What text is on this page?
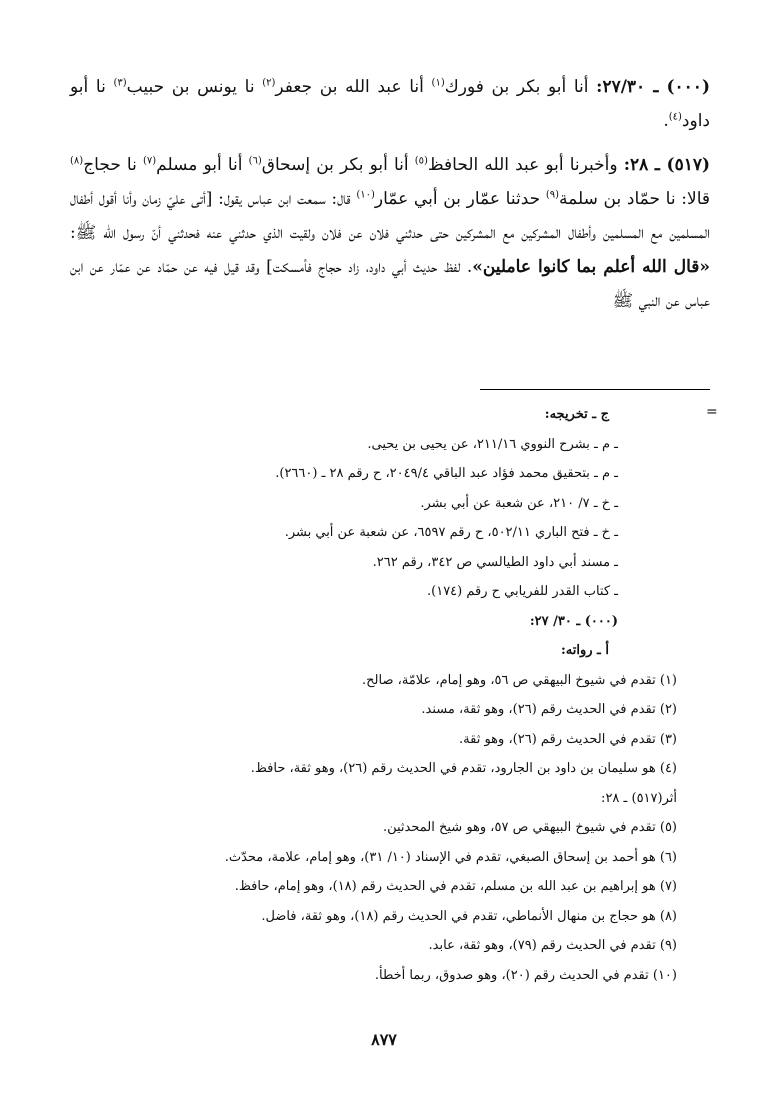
(٠٠٠) ـ ٢٧/٣٠: أنا أبو بكر بن فورك$^{(١)}$ أنا عبد الله بن جعفر$^{(٢)}$ نا يونس بن حبيب$^{(٣)}$ نا أبو داود$^{(٤)}$.

(٥١٧) ـ ٢٨: وأخبرنا أبو عبد الله الحافظ$^{(٥)}$ أنا أبو بكر بن إسحاق$^{(٦)}$ أنا أبو مسلم$^{(٧)}$ نا حجاج$^{(٨)}$ قالا: نا حمّاد بن سلمة$^{(٩)}$ حدثنا عمّار بن أبي عمّار$^{(١٠)}$ قال: سمعت ابن عباس يقول: [أتى عليّ زمان وأنا أقول أطفال المسلمين مع المسلمين وأطفال المشركين مع المشركين حتى حدثني فلان عن فلان ولقيت الذي حدثني عنه فحدثني أنّ رسول الله ﷺ: «قال الله أعلم بما كانوا عاملين». لفظ حديث أبي داود، زاد حجاج فأمسكت] وقد قيل فيه عن حمّاد عن عمّار عن ابن عباس عن النبي ﷺ

=
ج ـ تخريجه:
ـ م ـ بشرح النووي ٢١١/١٦، عن يحيى بن يحيى.
ـ م ـ بتحقيق محمد فؤاد عبد الباقي ٢٠٤٩/٤، ح رقم ٢٨ ـ (٢٦٦٠).
ـ خ ـ ٧/ ٢١٠، عن شعبة عن أبي بشر.
ـ خ ـ فتح الباري ٥٠٢/١١، ح رقم ٦٥٩٧، عن شعبة عن أبي بشر.
ـ مسند أبي داود الطيالسي ص ٣٤٢، رقم ٢٦٢.
ـ كتاب القدر للفريابي ح رقم (١٧٤).
(٠٠٠) ـ ٣٠/ ٢٧:
أ ـ رواته:
(١) تقدم في شيوخ البيهقي ص ٥٦، وهو إمام، علامّة، صالح.
(٢) تقدم في الحديث رقم (٢٦)، وهو ثقة، مسند.
(٣) تقدم في الحديث رقم (٢٦)، وهو ثقة.
(٤) هو سليمان بن داود بن الجارود، تقدم في الحديث رقم (٢٦)، وهو ثقة، حافظ.
أثر(٥١٧) ـ ٢٨:
(٥) تقدم في شيوخ البيهقي ص ٥٧، وهو شيخ المحدثين.
(٦) هو أحمد بن إسحاق الصبغي، تقدم في الإسناد (١٠/ ٣١)، وهو إمام، علامة، محدّث.
(٧) هو إبراهيم بن عبد الله بن مسلم، تقدم في الحديث رقم (١٨)، وهو إمام، حافظ.
(٨) هو حجاج بن منهال الأنماطي، تقدم في الحديث رقم (١٨)، وهو ثقة، فاضل.
(٩) تقدم في الحديث رقم (٧٩)، وهو ثقة، عابد.
(١٠) تقدم في الحديث رقم (٢٠)، وهو صدوق، ربما أخطأ.
٨٧٧
